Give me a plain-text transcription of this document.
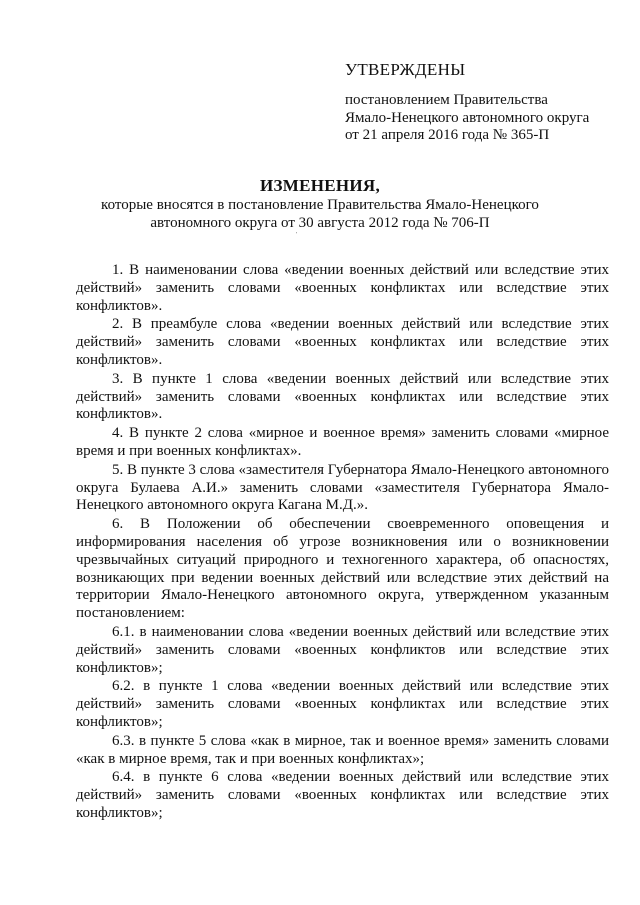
УТВЕРЖДЕНЫ
постановлением Правительства
Ямало-Ненецкого автономного округа
от 21 апреля 2016 года № 365-П
ИЗМЕНЕНИЯ,
которые вносятся в постановление Правительства Ямало-Ненецкого
автономного округа от 30 августа 2012 года № 706-П
'

1. В наименовании слова «ведении военных действий или вследствие этих действий» заменить словами «военных конфликтах или вследствие этих конфликтов».

2. В преамбуле слова «ведении военных действий или вследствие этих действий» заменить словами «военных конфликтах или вследствие этих конфликтов».

3. В пункте 1 слова «ведении военных действий или вследствие этих действий» заменить словами «военных конфликтах или вследствие этих конфликтов».

4. В пункте 2 слова «мирное и военное время» заменить словами «мирное время и при военных конфликтах».

5. В пункте 3 слова «заместителя Губернатора Ямало-Ненецкого автономного округа Булаева А.И.» заменить словами «заместителя Губернатора Ямало-Ненецкого автономного округа Кагана М.Д.».

6. В Положении об обеспечении своевременного оповещения и информирования населения об угрозе возникновения или о возникновении чрезвычайных ситуаций природного и техногенного характера, об опасностях, возникающих при ведении военных действий или вследствие этих действий на территории Ямало-Ненецкого автономного округа, утвержденном указанным постановлением:

6.1. в наименовании слова «ведении военных действий или вследствие этих действий» заменить словами «военных конфликтов или вследствие этих конфликтов»;

6.2. в пункте 1 слова «ведении военных действий или вследствие этих действий» заменить словами «военных конфликтах или вследствие этих конфликтов»;

6.3. в пункте 5 слова «как в мирное, так и военное время» заменить словами «как в мирное время, так и при военных конфликтах»;

6.4. в пункте 6 слова «ведении военных действий или вследствие этих действий» заменить словами «военных конфликтах или вследствие этих конфликтов»;
